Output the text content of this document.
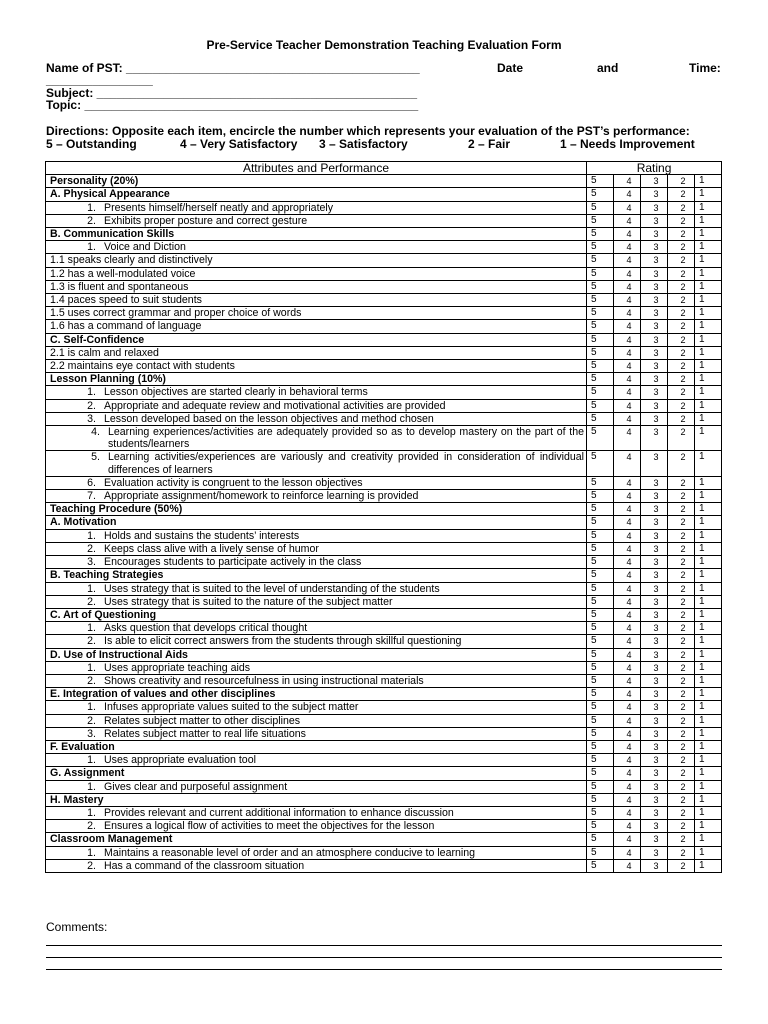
Pre-Service Teacher Demonstration Teaching Evaluation Form
Name of PST: ____________________________________________	Date	and	Time:
________________
Subject: ________________________________________________
Topic: __________________________________________________
Directions: Opposite each item, encircle the number which represents your evaluation of the PST’s performance:
5 – Outstanding	4 – Very Satisfactory 3 – Satisfactory	2 – Fair	1 – Needs Improvement
Attributes and Performance	Rating				
Personality (20%)	5	4	3	2	1
A. Physical Appearance	5	4	3	2	1
1. Presents himself/herself neatly and appropriately	5	4	3	2	1
2. Exhibits proper posture and correct gesture	5	4	3	2	1
B. Communication Skills	5	4	3	2	1
1. Voice and Diction	5	4	3	2	1
1.1 speaks clearly and distinctively	5	4	3	2	1
1.2 has a well-modulated voice	5	4	3	2	1
1.3 is fluent and spontaneous	5	4	3	2	1
1.4 paces speed to suit students	5	4	3	2	1
1.5 uses correct grammar and proper choice of words	5	4	3	2	1
1.6 has a command of language	5	4	3	2	1
C. Self-Confidence	5	4	3	2	1
2.1 is calm and relaxed	5	4	3	2	1
2.2 maintains eye contact with students	5	4	3	2	1
Lesson Planning (10%)	5	4	3	2	1
1. Lesson objectives are started clearly in behavioral terms	5	4	3	2	1
2. Appropriate and adequate review and motivational activities are provided	5	4	3	2	1
3. Lesson developed based on the lesson objectives and method chosen	5	4	3	2	1

4. Learning experiences/activities are adequately provided so as to develop mastery on the part of the students/learners	5	4	3	2	1

5. Learning activities/experiences are variously and creativity provided in consideration of individual differences of learners	5	4	3	2	1
6. Evaluation activity is congruent to the lesson objectives	5	4	3	2	1
7. Appropriate assignment/homework to reinforce learning is provided	5	4	3	2	1
Teaching Procedure (50%)	5	4	3	2	1
A. Motivation	5	4	3	2	1
1. Holds and sustains the students’ interests	5	4	3	2	1
2. Keeps class alive with a lively sense of humor	5	4	3	2	1
3. Encourages students to participate actively in the class	5	4	3	2	1
B. Teaching Strategies	5	4	3	2	1
1. Uses strategy that is suited to the level of understanding of the students	5	4	3	2	1
2. Uses strategy that is suited to the nature of the subject matter	5	4	3	2	1
C. Art of Questioning	5	4	3	2	1
1. Asks question that develops critical thought	5	4	3	2	1
2. Is able to elicit correct answers from the students through skillful questioning	5	4	3	2	1
D. Use of Instructional Aids	5	4	3	2	1
1. Uses appropriate teaching aids	5	4	3	2	1
2. Shows creativity and resourcefulness in using instructional materials	5	4	3	2	1
E. Integration of values and other disciplines	5	4	3	2	1
1. Infuses appropriate values suited to the subject matter	5	4	3	2	1
2. Relates subject matter to other disciplines	5	4	3	2	1
3. Relates subject matter to real life situations	5	4	3	2	1
F. Evaluation	5	4	3	2	1
1. Uses appropriate evaluation tool	5	4	3	2	1
G. Assignment	5	4	3	2	1
1. Gives clear and purposeful assignment	5	4	3	2	1
H. Mastery	5	4	3	2	1
1. Provides relevant and current additional information to enhance discussion	5	4	3	2	1
2. Ensures a logical flow of activities to meet the objectives for the lesson	5	4	3	2	1
Classroom Management	5	4	3	2	1
1. Maintains a reasonable level of order and an atmosphere conducive to learning	5	4	3	2	1
2. Has a command of the classroom situation	5	4	3	2	1
Comments:
